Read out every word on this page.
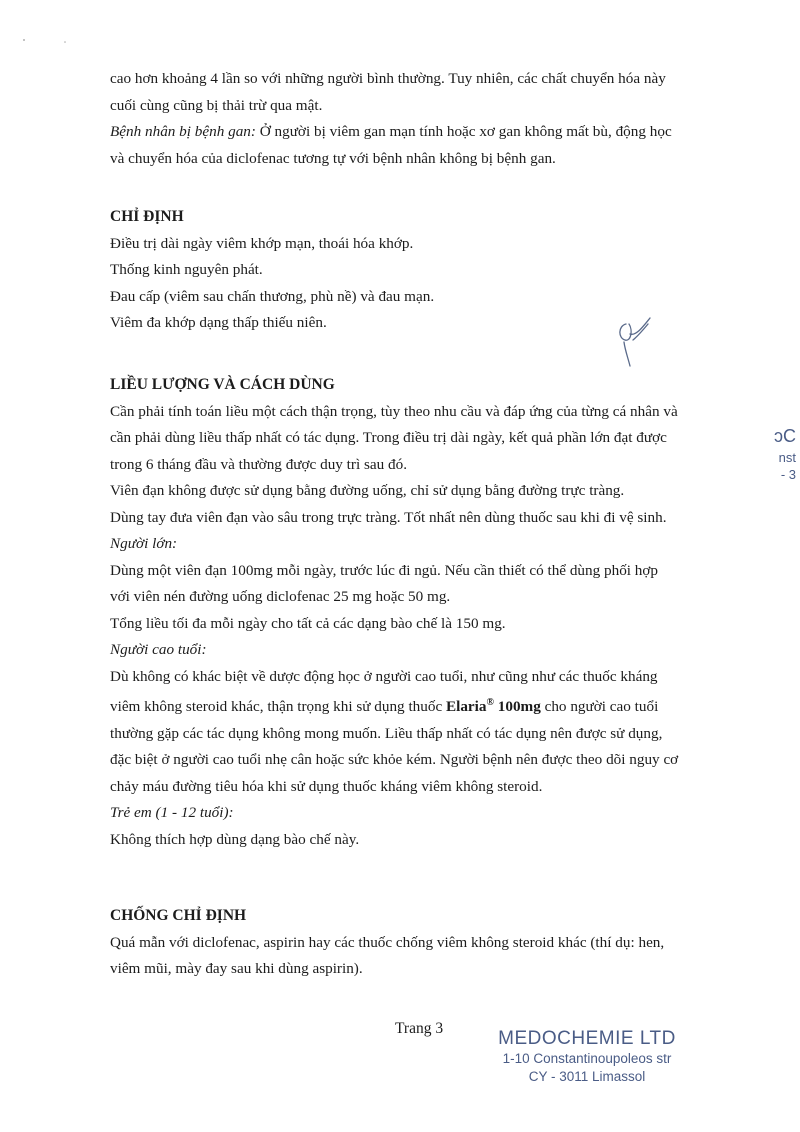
cao hơn khoảng 4 lần so với những người bình thường. Tuy nhiên, các chất chuyển hóa này

cuối cùng cũng bị thải trừ qua mật.

Bệnh nhân bị bệnh gan: Ở người bị viêm gan mạn tính hoặc xơ gan không mất bù, động học

và chuyển hóa của diclofenac tương tự với bệnh nhân không bị bệnh gan.

CHỈ ĐỊNH

Điều trị dài ngày viêm khớp mạn, thoái hóa khớp.

Thống kinh nguyên phát.

Đau cấp (viêm sau chấn thương, phù nề) và đau mạn.

Viêm đa khớp dạng thấp thiếu niên.

LIỀU LƯỢNG VÀ CÁCH DÙNG

Cần phải tính toán liều một cách thận trọng, tùy theo nhu cầu và đáp ứng của từng cá nhân và

cần phải dùng liều thấp nhất có tác dụng. Trong điều trị dài ngày, kết quả phần lớn đạt được

trong 6 tháng đầu và thường được duy trì sau đó.

Viên đạn không được sử dụng bằng đường uống, chỉ sử dụng bằng đường trực tràng.

Dùng tay đưa viên đạn vào sâu trong trực tràng. Tốt nhất nên dùng thuốc sau khi đi vệ sinh.

Người lớn:

Dùng một viên đạn 100mg mỗi ngày, trước lúc đi ngủ. Nếu cần thiết có thể dùng phối hợp

với viên nén đường uống diclofenac 25 mg hoặc 50 mg.

Tổng liều tối đa mỗi ngày cho tất cả các dạng bào chế là 150 mg.

Người cao tuổi:

Dù không có khác biệt về dược động học ở người cao tuổi, như cũng như các thuốc kháng

viêm không steroid khác, thận trọng khi sử dụng thuốc Elaria® 100mg cho người cao tuổi

thường gặp các tác dụng không mong muốn. Liều thấp nhất có tác dụng nên được sử dụng,

đặc biệt ở người cao tuổi nhẹ cân hoặc sức khỏe kém. Người bệnh nên được theo dõi nguy cơ

chảy máu đường tiêu hóa khi sử dụng thuốc kháng viêm không steroid.

Trẻ em (1 - 12 tuổi):

Không thích hợp dùng dạng bào chế này.

CHỐNG CHỈ ĐỊNH

Quá mẫn với diclofenac, aspirin hay các thuốc chống viêm không steroid khác (thí dụ: hen,

viêm mũi, mày đay sau khi dùng aspirin).

Trang 3	MEDOCHEMIE LTD
1-10 Constantinoupoleos str
CY - 3011 Limassol
ɔC
nst
- 3
